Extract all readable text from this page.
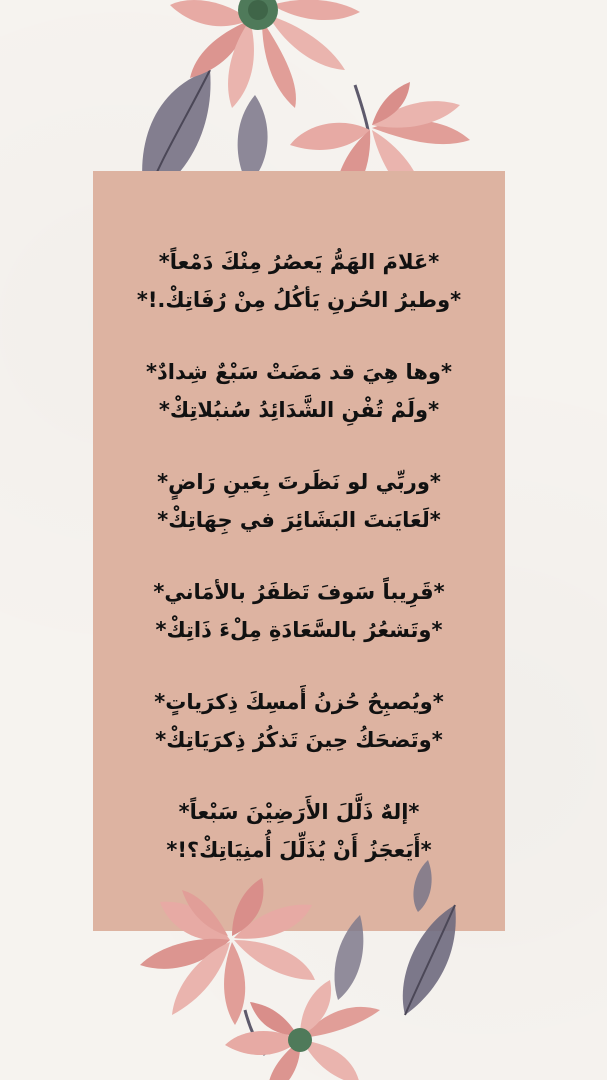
*عَلامَ الهَمُّ يَعصُرُ مِنْكَ دَمْعاً*
*وطيرُ الحُزنِ يَأكُلُ مِنْ رُفَاتِكْ.!*
*وها هِيَ قد مَضَتْ سَبْعٌ شِدادٌ*
*ولَمْ تُفْنِ الشَّدَائِدُ سُنبُلاتِكْ*
*وربِّي لو نَظَرتَ بِعَينِ رَاضٍ*
*لَعَايَنتَ البَشَائِرَ في جِهَاتِكْ*
*قَرِيباً سَوفَ تَظفَرُ بالأمَاني*
*وتَشعُرُ بالسَّعَادَةِ مِلْءَ ذَاتِكْ*
*ويُصبِحُ حُزنُ أَمسِكَ ذِكرَياتٍ*
*وتَضحَكُ حِينَ تَذكُرُ ذِكرَيَاتِكْ*
*إلهٌ ذَلَّلَ الأَرَضِيْنَ سَبْعاً*
*أَيَعجَزُ أَنْ يُذَلِّلَ أُمنِيَاتِكْ؟!*
